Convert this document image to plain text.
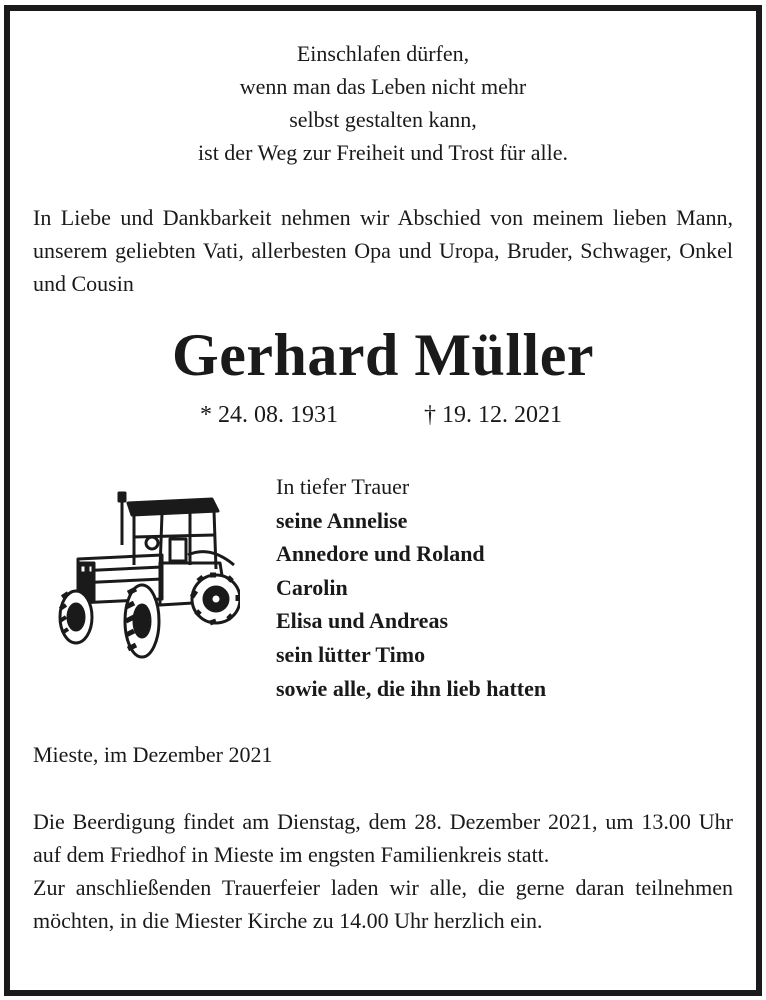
Einschlafen dürfen,
wenn man das Leben nicht mehr
selbst gestalten kann,
ist der Weg zur Freiheit und Trost für alle.
In Liebe und Dankbarkeit nehmen wir Abschied von meinem lieben Mann, unserem geliebten Vati, allerbesten Opa und Uropa, Bruder, Schwager, Onkel und Cousin
Gerhard Müller
* 24. 08. 1931	† 19. 12. 2021
In tiefer Trauer
seine Annelise
Annedore und Roland
Carolin
Elisa und Andreas
sein lütter Timo
sowie alle, die ihn lieb hatten
Mieste, im Dezember 2021

Die Beerdigung findet am Dienstag, dem 28. Dezember 2021, um 13.00 Uhr auf dem Friedhof in Mieste im engsten Familienkreis statt.

Zur anschließenden Trauerfeier laden wir alle, die gerne daran teilnehmen möchten, in die Miester Kirche zu 14.00 Uhr herzlich ein.
